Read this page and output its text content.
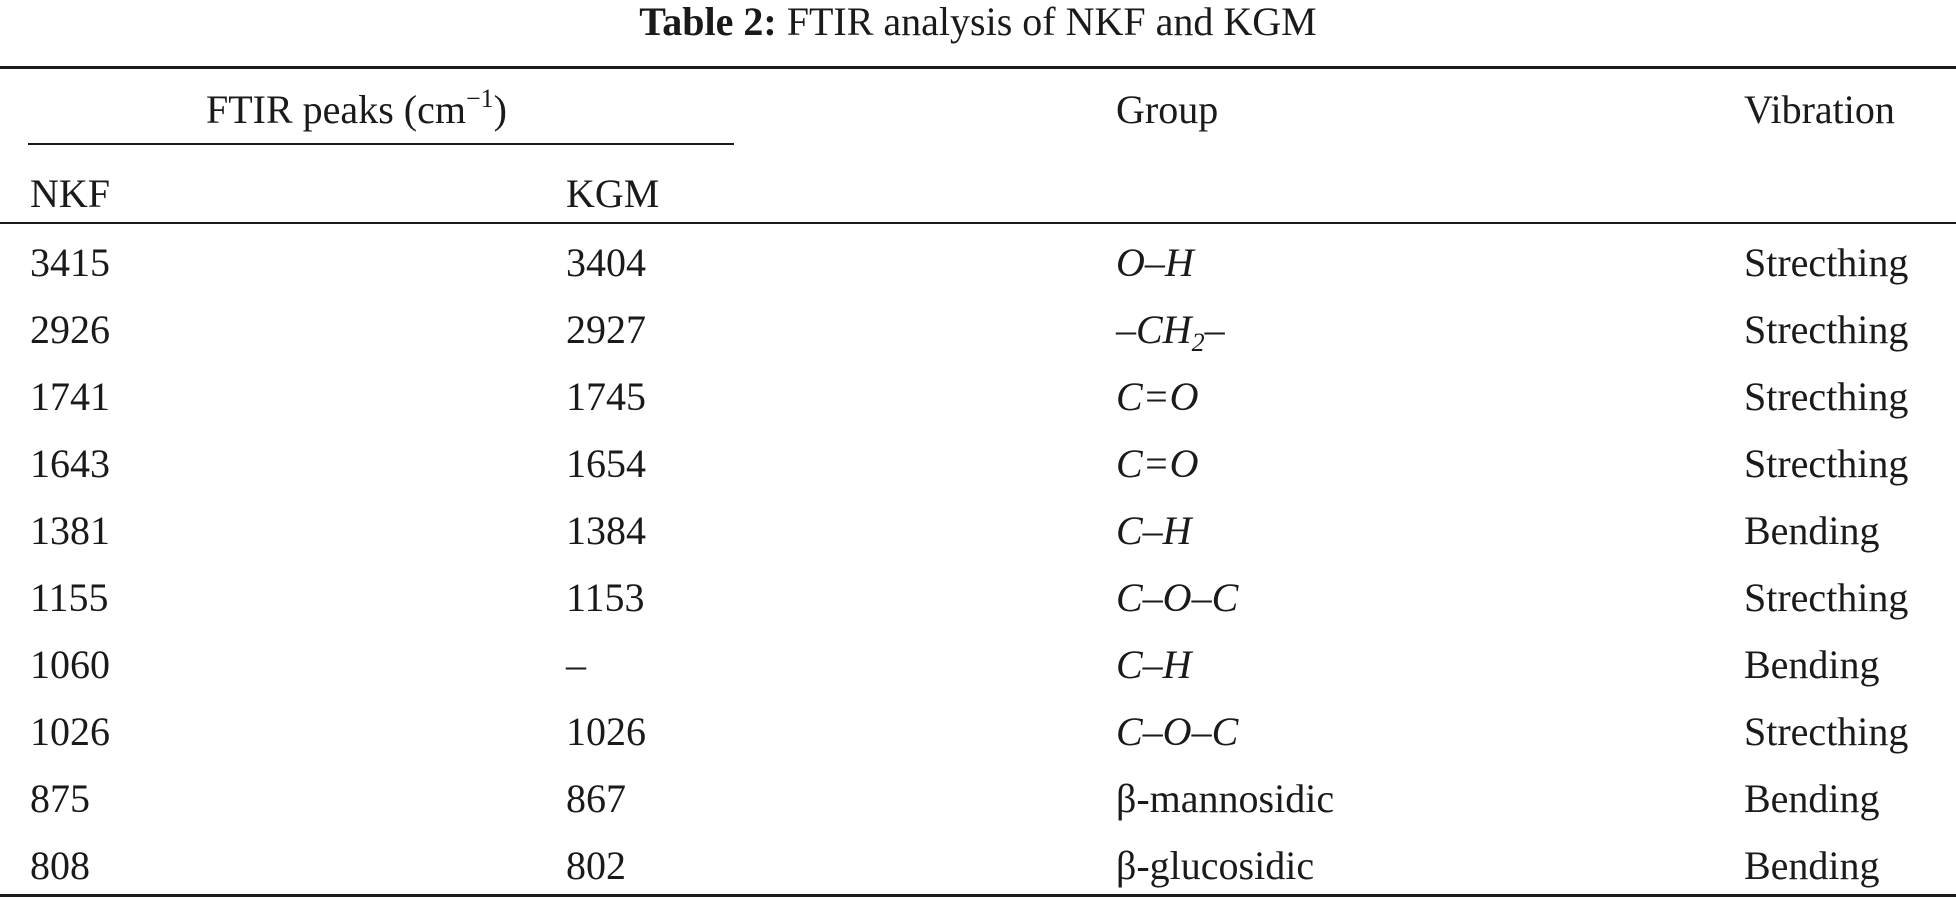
Table 2: FTIR analysis of NKF and KGM
FTIR peaks $(cm^{-1})$	Group	Vibration
NKF	KGM
3415	3404	O–H	Strecthing
2926	2927	$-CH_2-$	Strecthing
1741	1745	C=O	Strecthing
1643	1654	C=O	Strecthing
1381	1384	C–H	Bending
1155	1153	C–O–C	Strecthing
1060	–	C–H	Bending
1026	1026	C–O–C	Strecthing
875	867	β-mannosidic	Bending
808	802	β-glucosidic	Bending
